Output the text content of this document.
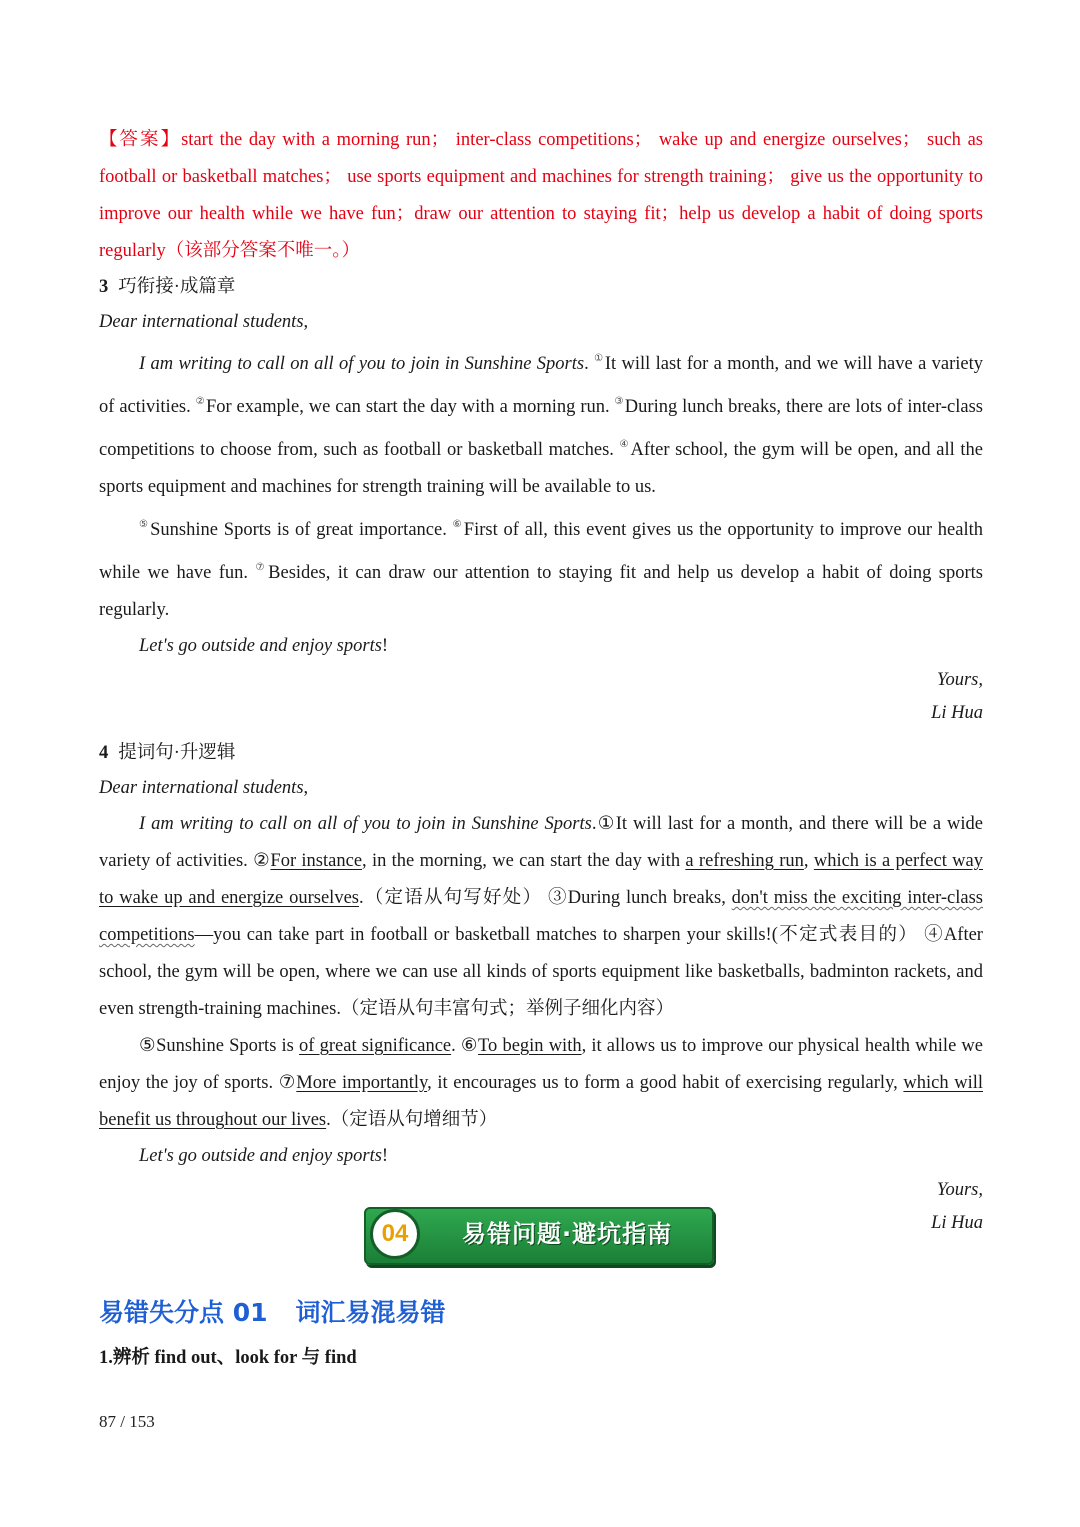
【答案】start the day with a morning run； inter-class competitions； wake up and energize ourselves； such as football or basketball matches； use sports equipment and machines for strength training； give us the opportunity to improve our health while we have fun；draw our attention to staying fit；help us develop a habit of doing sports regularly（该部分答案不唯一。）

3 巧衔接·成篇章

Dear international students,

I am writing to call on all of you to join in Sunshine Sports. ①It will last for a month, and we will have a variety of activities. ②For example, we can start the day with a morning run. ③During lunch breaks, there are lots of inter-class competitions to choose from, such as football or basketball matches. ④After school, the gym will be open, and all the sports equipment and machines for strength training will be available to us.

⑤Sunshine Sports is of great importance. ⑥First of all, this event gives us the opportunity to improve our health while we have fun. ⑦Besides, it can draw our attention to staying fit and help us develop a habit of doing sports regularly.

Let's go outside and enjoy sports!

Yours,

Li Hua

4 提词句·升逻辑

Dear international students,

I am writing to call on all of you to join in Sunshine Sports.①It will last for a month, and there will be a wide variety of activities. ②For instance, in the morning, we can start the day with a refreshing run, which is a perfect way to wake up and energize ourselves.（定语从句写好处） ③During lunch breaks, don't miss the exciting inter-class competitions—you can take part in football or basketball matches to sharpen your skills!(不定式表目的） ④After school, the gym will be open, where we can use all kinds of sports equipment like basketballs, badminton rackets, and even strength-training machines.（定语从句丰富句式；举例子细化内容）

⑤Sunshine Sports is of great significance. ⑥To begin with, it allows us to improve our physical health while we enjoy the joy of sports. ⑦More importantly, it encourages us to form a good habit of exercising regularly, which will benefit us throughout our lives.（定语从句增细节）

Let's go outside and enjoy sports!

Yours,

Li Hua

04	易错问题·避坑指南
易错失分点 01 词汇易混易错
1.辨析 find out、look for 与 find
87 / 153
